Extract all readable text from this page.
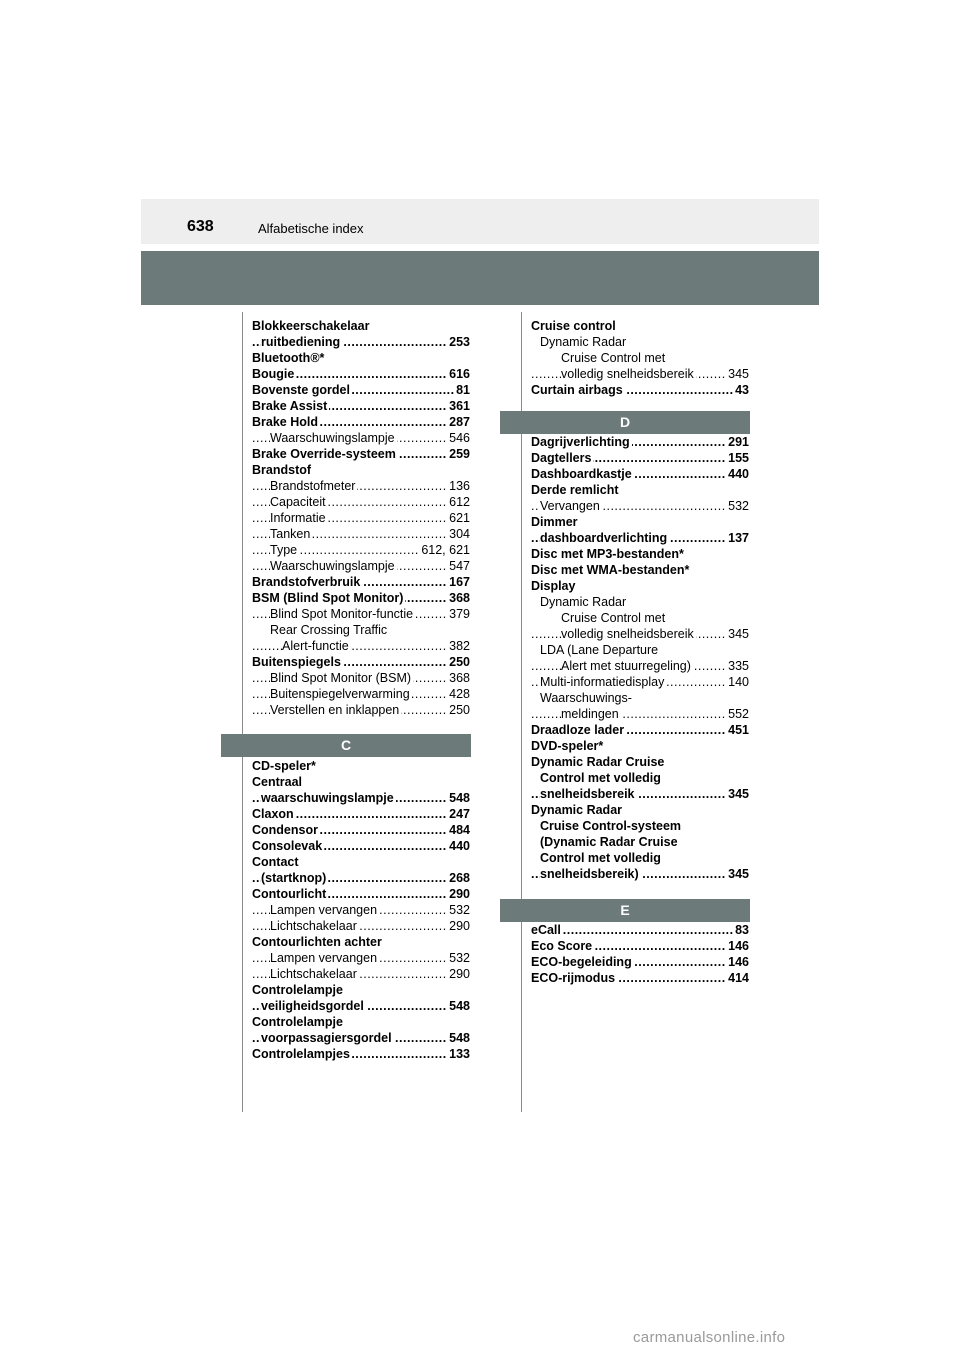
638	Alfabetische index
Blokkeerschakelaar
ruitbediening .....	253
Bluetooth®*
Bougie .....	616
Bovenste gordel .....	81
Brake Assist .....	361
Brake Hold .....	287
Waarschuwingslampje .....	546
Brake Override-systeem .....	259
Brandstof
Brandstofmeter .....	136
Capaciteit .....	612
Informatie .....	621
Tanken .....	304
Type .....	612, 621
Waarschuwingslampje .....	547
Brandstofverbruik .....	167
BSM (Blind Spot Monitor) .....	368
Blind Spot Monitor-functie .....	379
Rear Crossing Traffic
Alert-functie .....	382
Buitenspiegels .....	250
Blind Spot Monitor (BSM) .....	368
Buitenspiegelverwarming .....	428
Verstellen en inklappen .....	250
C
CD-speler*
Centraal
waarschuwingslampje .....	548
Claxon .....	247
Condensor .....	484
Consolevak .....	440
Contact
(startknop) .....	268
Contourlicht .....	290
Lampen vervangen .....	532
Lichtschakelaar .....	290
Contourlichten achter
Lampen vervangen .....	532
Lichtschakelaar .....	290
Controlelampje
veiligheidsgordel .....	548
Controlelampje
voorpassagiersgordel .....	548
Controlelampjes .....	133
Cruise control
Dynamic Radar
Cruise Control met
volledig snelheidsbereik .....	345
Curtain airbags .....	43
D
Dagrijverlichting .....	291
Dagtellers .....	155
Dashboardkastje .....	440
Derde remlicht
Vervangen .....	532
Dimmer
dashboardverlichting .....	137
Disc met MP3-bestanden*
Disc met WMA-bestanden*
Display
Dynamic Radar
Cruise Control met
volledig snelheidsbereik .....	345
LDA (Lane Departure
Alert met stuurregeling) .....	335
Multi-informatiedisplay .....	140
Waarschuwings-
meldingen .....	552
Draadloze lader .....	451
DVD-speler*
Dynamic Radar Cruise
Control met volledig
snelheidsbereik .....	345
Dynamic Radar
Cruise Control-systeem
(Dynamic Radar Cruise
Control met volledig
snelheidsbereik) .....	345
E
eCall .....	83
Eco Score .....	146
ECO-begeleiding .....	146
ECO-rijmodus .....	414
carmanualsonline.info
